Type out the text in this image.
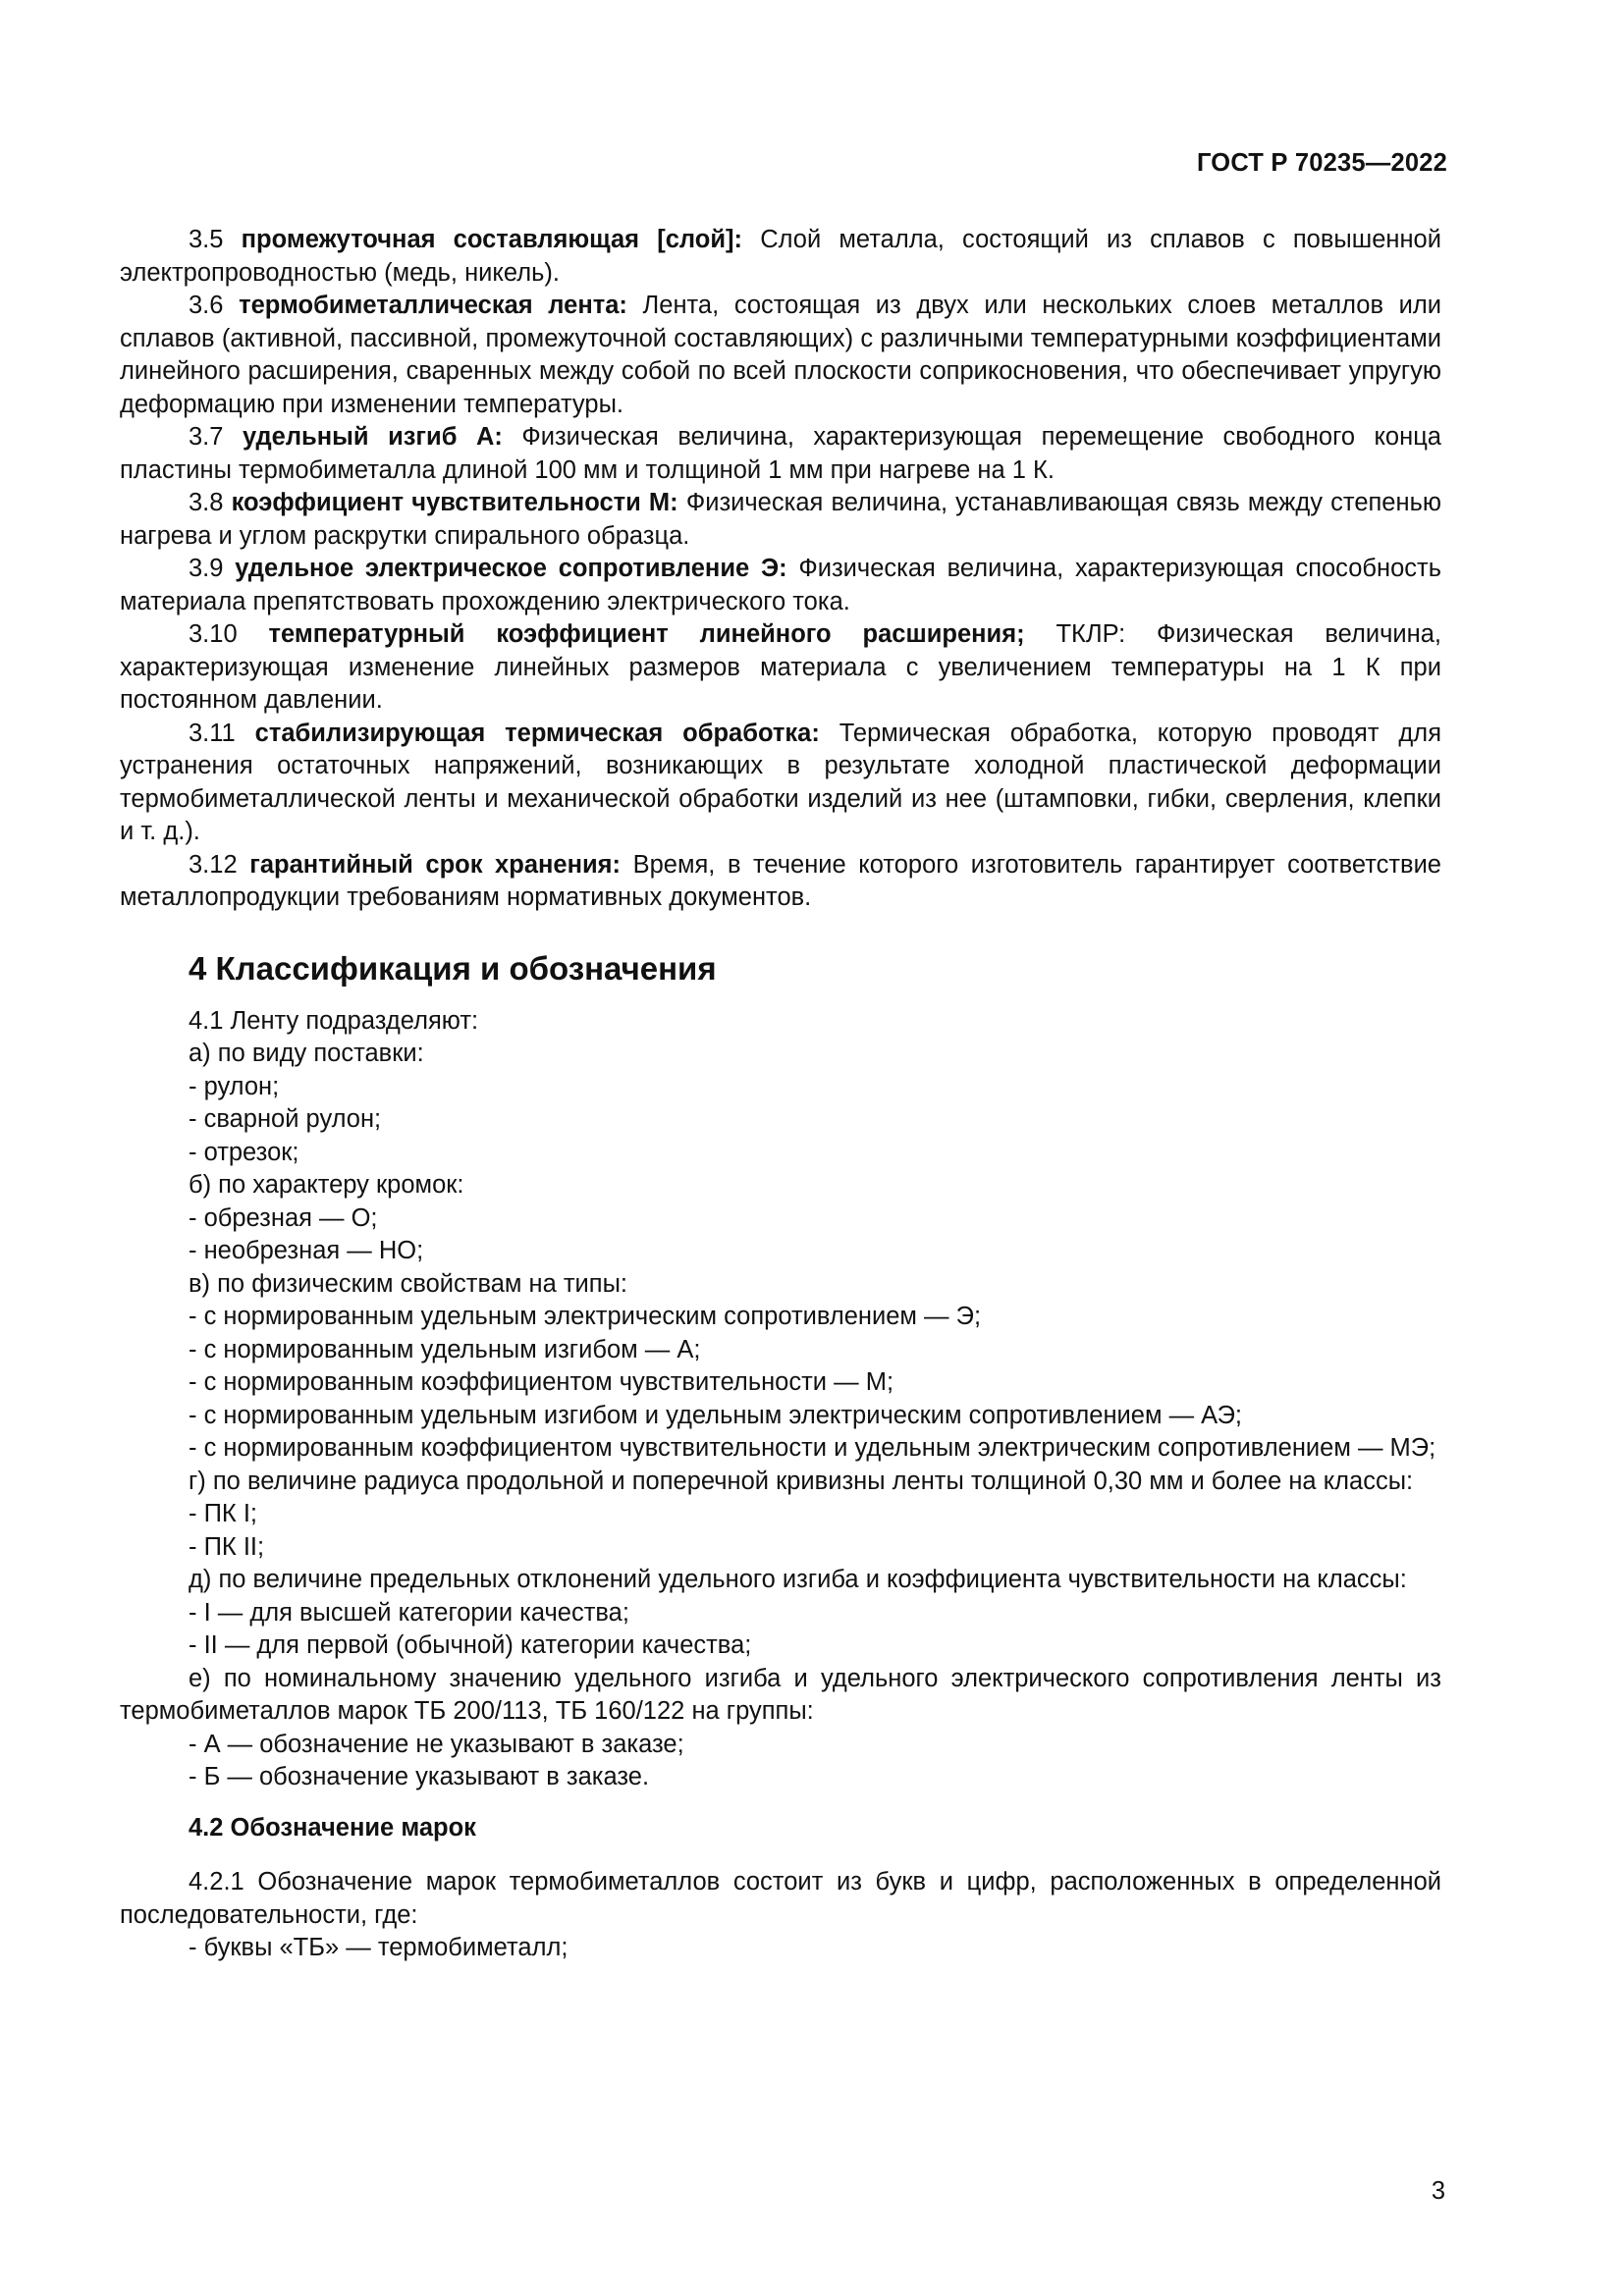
ГОСТ Р 70235—2022

3.5 промежуточная составляющая [слой]: Слой металла, состоящий из сплавов с повышенной электропроводностью (медь, никель).

3.6 термобиметаллическая лента: Лента, состоящая из двух или нескольких слоев металлов или сплавов (активной, пассивной, промежуточной составляющих) с различными температурными коэффициентами линейного расширения, сваренных между собой по всей плоскости соприкосновения, что обеспечивает упругую деформацию при изменении температуры.

3.7 удельный изгиб А: Физическая величина, характеризующая перемещение свободного конца пластины термобиметалла длиной 100 мм и толщиной 1 мм при нагреве на 1 К.

3.8 коэффициент чувствительности М: Физическая величина, устанавливающая связь между степенью нагрева и углом раскрутки спирального образца.

3.9 удельное электрическое сопротивление Э: Физическая величина, характеризующая способность материала препятствовать прохождению электрического тока.

3.10 температурный коэффициент линейного расширения; ТКЛР: Физическая величина, характеризующая изменение линейных размеров материала с увеличением температуры на 1 К при постоянном давлении.

3.11 стабилизирующая термическая обработка: Термическая обработка, которую проводят для устранения остаточных напряжений, возникающих в результате холодной пластической деформации термобиметаллической ленты и механической обработки изделий из нее (штамповки, гибки, сверления, клепки и т. д.).

3.12 гарантийный срок хранения: Время, в течение которого изготовитель гарантирует соответствие металлопродукции требованиям нормативных документов.

4 Классификация и обозначения

4.1 Ленту подразделяют:

а) по виду поставки:

- рулон;

- сварной рулон;

- отрезок;

б) по характеру кромок:

- обрезная — О;

- необрезная — НО;

в) по физическим свойствам на типы:

- с нормированным удельным электрическим сопротивлением — Э;

- с нормированным удельным изгибом — А;

- с нормированным коэффициентом чувствительности — М;

- с нормированным удельным изгибом и удельным электрическим сопротивлением — АЭ;

- с нормированным коэффициентом чувствительности и удельным электрическим сопротивлением — МЭ;

г) по величине радиуса продольной и поперечной кривизны ленты толщиной 0,30 мм и более на классы:

- ПК I;

- ПК II;

д) по величине предельных отклонений удельного изгиба и коэффициента чувствительности на классы:

- I — для высшей категории качества;

- II — для первой (обычной) категории качества;

е) по номинальному значению удельного изгиба и удельного электрического сопротивления ленты из термобиметаллов марок ТБ 200/113, ТБ 160/122 на группы:

- А — обозначение не указывают в заказе;

- Б — обозначение указывают в заказе.

4.2 Обозначение марок

4.2.1 Обозначение марок термобиметаллов состоит из букв и цифр, расположенных в определенной последовательности, где:

- буквы «ТБ» — термобиметалл;

3
